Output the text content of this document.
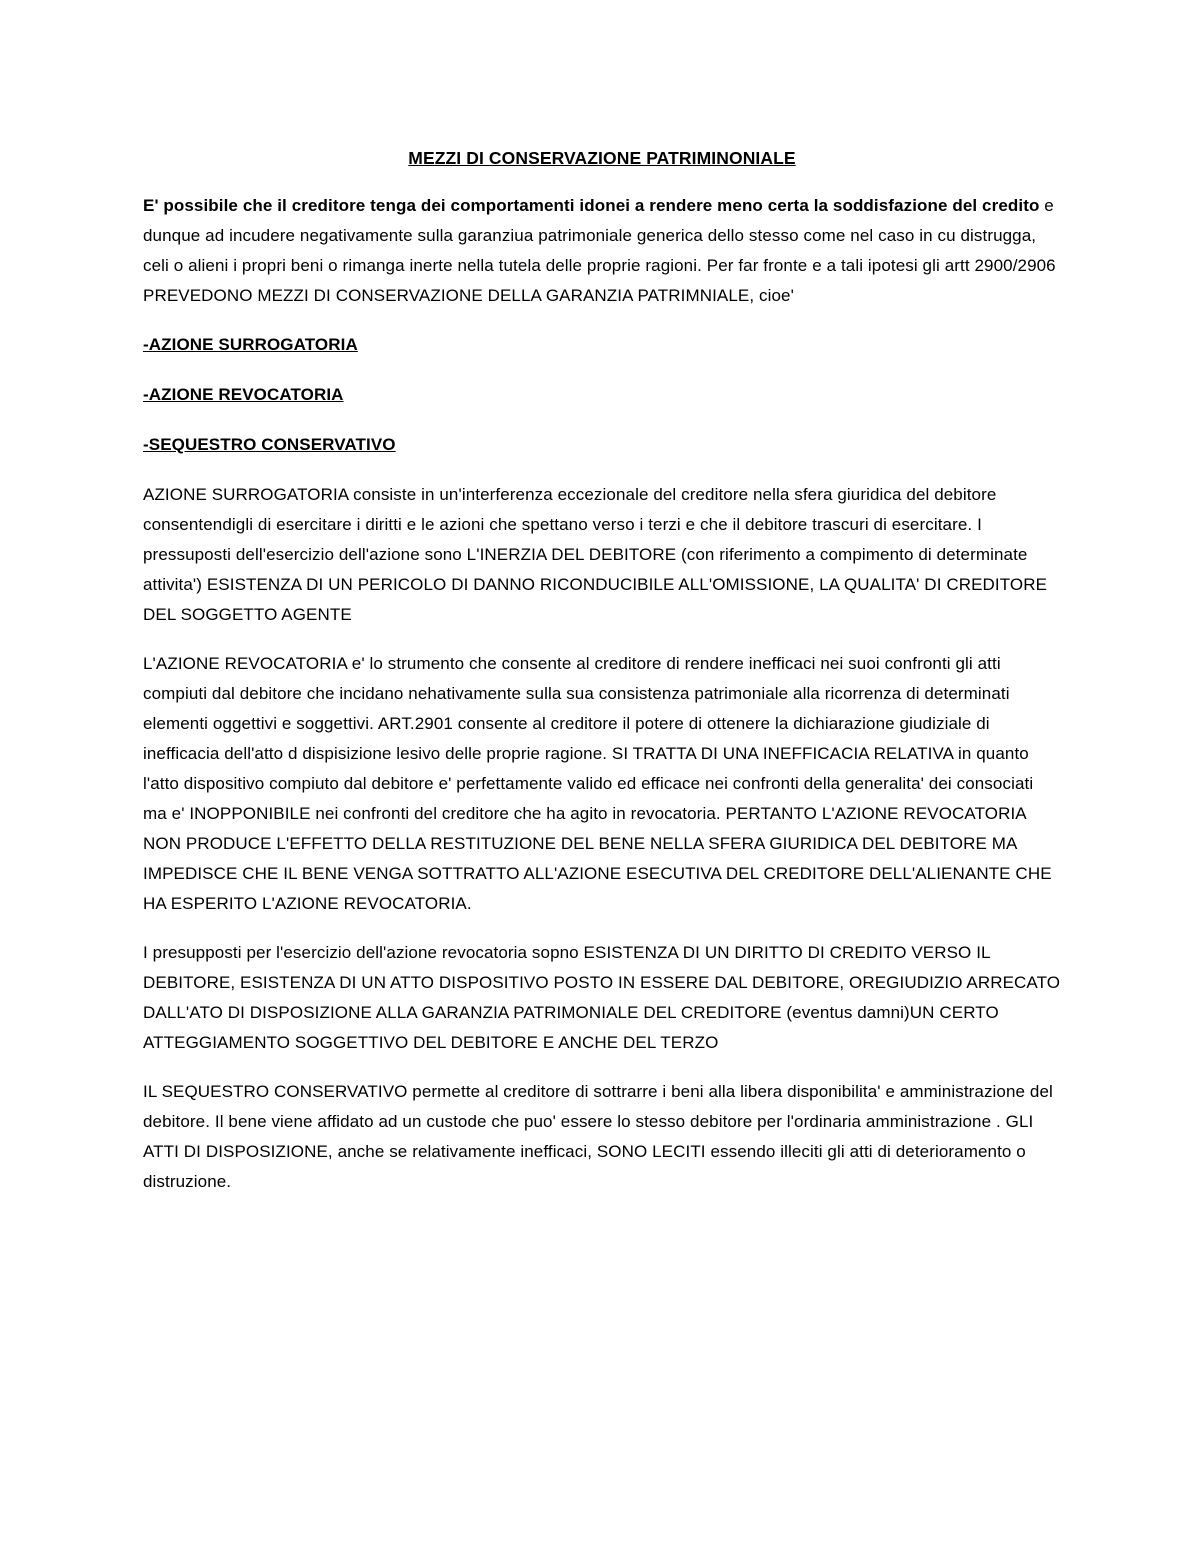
MEZZI DI CONSERVAZIONE PATRIMINONIALE

E' possibile che il creditore tenga dei comportamenti idonei a rendere meno certa la soddisfazione del credito e dunque ad incudere negativamente sulla garanziua patrimoniale generica dello stesso come nel caso in cu distrugga, celi o alieni i propri beni o rimanga inerte nella tutela delle proprie ragioni. Per far fronte e a tali ipotesi gli artt 2900/2906 PREVEDONO MEZZI DI CONSERVAZIONE DELLA GARANZIA PATRIMNIALE, cioe'

-AZIONE SURROGATORIA
-AZIONE REVOCATORIA
-SEQUESTRO CONSERVATIVO

AZIONE SURROGATORIA consiste in un'interferenza eccezionale del creditore nella sfera giuridica del debitore consentendigli di esercitare i diritti e le azioni che spettano verso i terzi e che il debitore trascuri di esercitare. I pressuposti dell'esercizio dell'azione sono L'INERZIA DEL DEBITORE (con riferimento a compimento di determinate attivita') ESISTENZA DI UN PERICOLO DI DANNO RICONDUCIBILE ALL'OMISSIONE, LA QUALITA' DI CREDITORE DEL SOGGETTO AGENTE

L'AZIONE REVOCATORIA e' lo strumento che consente al creditore di rendere inefficaci nei suoi confronti gli atti compiuti dal debitore che incidano nehativamente sulla sua consistenza patrimoniale alla ricorrenza di determinati elementi oggettivi e soggettivi. ART.2901 consente al creditore il potere di ottenere la dichiarazione giudiziale di inefficacia dell'atto d dispisizione lesivo delle proprie ragione. SI TRATTA DI UNA INEFFICACIA RELATIVA in quanto l'atto dispositivo compiuto dal debitore e' perfettamente valido ed efficace nei confronti della generalita' dei consociati ma e' INOPPONIBILE nei confronti del creditore che ha agito in revocatoria. PERTANTO L'AZIONE REVOCATORIA NON PRODUCE L'EFFETTO DELLA RESTITUZIONE DEL BENE NELLA SFERA GIURIDICA DEL DEBITORE MA IMPEDISCE CHE IL BENE VENGA SOTTRATTO ALL'AZIONE ESECUTIVA DEL CREDITORE DELL'ALIENANTE CHE HA ESPERITO L'AZIONE REVOCATORIA.

I presupposti per l'esercizio dell'azione revocatoria sopno ESISTENZA DI UN DIRITTO DI CREDITO VERSO IL DEBITORE, ESISTENZA DI UN ATTO DISPOSITIVO POSTO IN ESSERE DAL DEBITORE, OREGIUDIZIO ARRECATO DALL'ATO DI DISPOSIZIONE ALLA GARANZIA PATRIMONIALE DEL CREDITORE (eventus damni)UN CERTO ATTEGGIAMENTO SOGGETTIVO DEL DEBITORE E ANCHE DEL TERZO

IL SEQUESTRO CONSERVATIVO permette al creditore di sottrarre i beni alla libera disponibilita' e amministrazione del debitore. Il bene viene affidato ad un custode che puo' essere lo stesso debitore per l'ordinaria amministrazione . GLI ATTI DI DISPOSIZIONE, anche se relativamente inefficaci, SONO LECITI essendo illeciti gli atti di deterioramento o distruzione.
